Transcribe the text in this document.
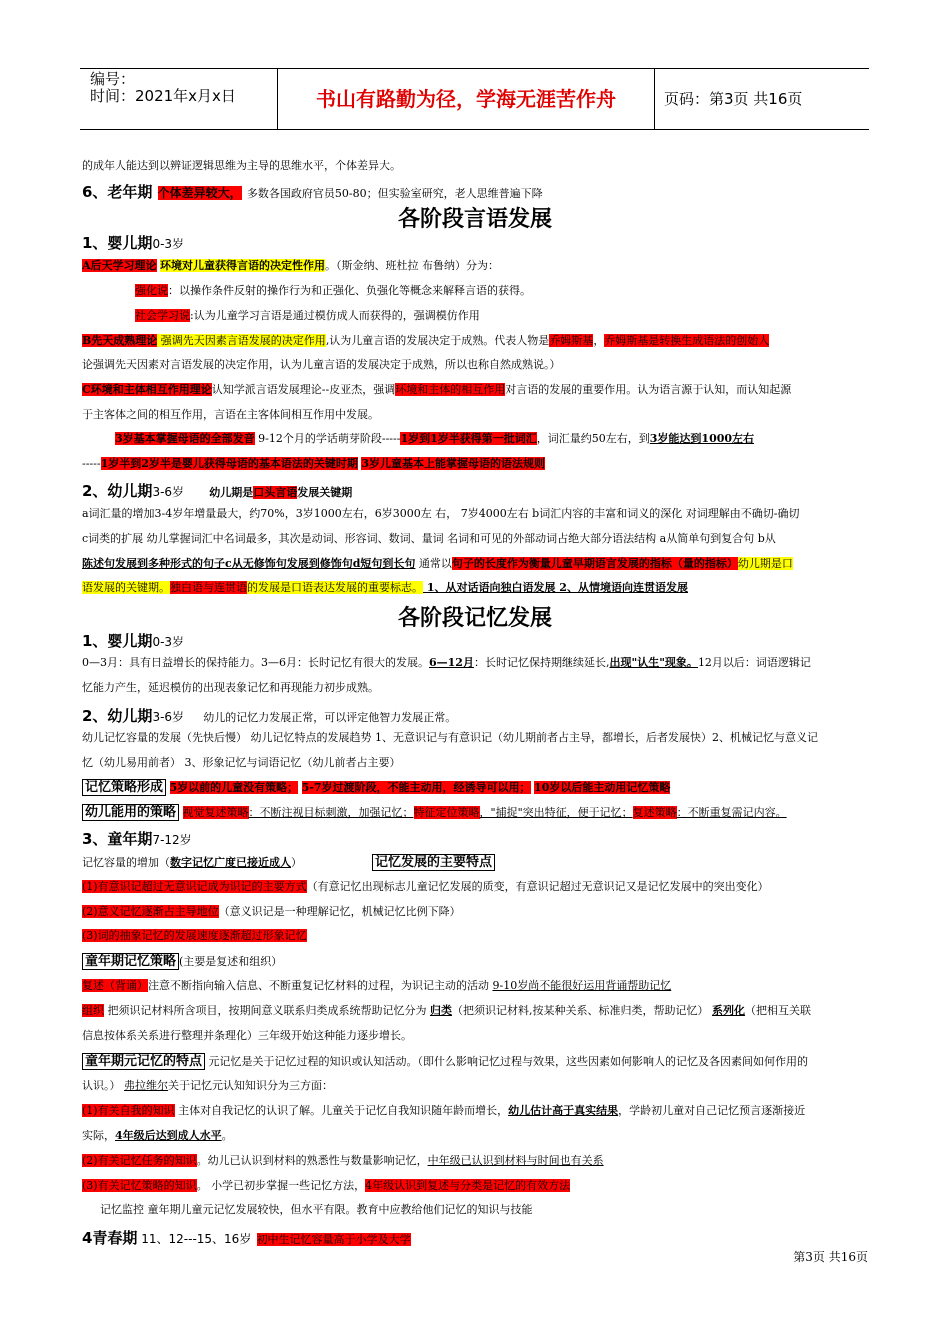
编号：
时间：2021年x月x日	书山有路勤为径，学海无涯苦作舟	页码：第3页 共16页
的成年人能达到以辨证逻辑思维为主导的思维水平，个体差异大。
6、老年期 个体差异较大， 多数各国政府官员50-80；但实验室研究，老人思维普遍下降
各阶段言语发展
1、婴儿期0-3岁
A后天学习理论 环境对儿童获得言语的决定性作用。（斯金纳、班杜拉 布鲁纳）分为：
强化说：以操作条件反射的操作行为和正强化、负强化等概念来解释言语的获得。
社会学习说:认为儿童学习言语是通过模仿成人而获得的，强调模仿作用
B先天成熟理论 强调先天因素言语发展的决定作用,认为儿童言语的发展决定于成熟。代表人物是乔姆斯基，乔姆斯基是转换生成语法的创始人
论强调先天因素对言语发展的决定作用，认为儿童言语的发展决定于成熟，所以也称自然成熟说。）
C环境和主体相互作用理论认知学派言语发展理论--皮亚杰，强调环境和主体的相互作用对言语的发展的重要作用。认为语言源于认知，而认知起源
于主客体之间的相互作用，言语在主客体间相互作用中发展。
3岁基本掌握母语的全部发音 9-12个月的学话萌芽阶段-----1岁到1岁半获得第一批词汇，词汇量约50左右，到3岁能达到1000左右
-----1岁半到2岁半是婴儿获得母语的基本语法的关键时期 3岁儿童基本上能掌握母语的语法规则
2、幼儿期3-6岁 幼儿期是口头言语发展关键期
a词汇量的增加3-4岁年增量最大，约70%，3岁1000左右，6岁3000左 右， 7岁4000左右 b词汇内容的丰富和词义的深化 对词理解由不确切-确切
c词类的扩展 幼儿掌握词汇中名词最多，其次是动词、形容词、数词、量词 名词和可见的外部动词占绝大部分语法结构 a从简单句到复合句 b从
陈述句发展到多种形式的句子c从无修饰句发展到修饰句d短句到长句 通常以句子的长度作为衡量儿童早期语言发展的指标（量的指标）幼儿期是口
语发展的关键期。独白语与连贯语的发展是口语表达发展的重要标志。 1、从对话语向独白语发展 2、从情境语向连贯语发展
各阶段记忆发展
1、婴儿期0-3岁
0—3月：具有日益增长的保持能力。3—6月：长时记忆有很大的发展。6—12月：长时记忆保持期继续延长,出现"认生"现象。12月以后：词语逻辑记
忆能力产生，延迟模仿的出现表象记忆和再现能力初步成熟。
2、幼儿期3-6岁 幼儿的记忆力发展正常，可以评定他智力发展正常。
幼儿记忆容量的发展（先快后慢） 幼儿记忆特点的发展趋势 1、无意识记与有意识记（幼儿期前者占主导，都增长，后者发展快）2、机械记忆与意义记
忆（幼儿易用前者） 3、形象记忆与词语记忆（幼儿前者占主要）
记忆策略形成 5岁以前的儿童没有策略； 5-7岁过渡阶段，不能主动用，经诱导可以用； 10岁以后能主动用记忆策略
幼儿能用的策略 视觉复述策略：不断注视目标刺激，加强记忆；特征定位策略，"捕捉"突出特征，便于记忆；复述策略：不断重复需记内容。
3、童年期7-12岁
记忆容量的增加（数字记忆广度已接近成人）	记忆发展的主要特点
(1)有意识记超过无意识记成为识记的主要方式（有意记忆出现标志儿童记忆发展的质变，有意识记超过无意识记又是记忆发展中的突出变化）
(2)意义记忆逐渐占主导地位（意义识记是一种理解记忆，机械记忆比例下降）
(3)词的抽象记忆的发展速度逐渐超过形象记忆
童年期记忆策略 (主要是复述和组织）
复述（背诵）注意不断指向输入信息、不断重复记忆材料的过程，为识记主动的活动 9-10岁尚不能很好运用背诵帮助记忆
组织 把须识记材料所含项目，按期间意义联系归类成系统帮助记忆分为 归类（把须识记材料,按某种关系、标准归类，帮助记忆） 系列化（把相互关联
信息按体系关系进行整理并条理化）三年级开始这种能力逐步增长。
童年期元记忆的特点 元记忆是关于记忆过程的知识或认知活动。（即什么影响记忆过程与效果，这些因素如何影响人的记忆及各因素间如何作用的
认识。） 弗拉维尔关于记忆元认知知识分为三方面：
(1)有关自我的知识 主体对自我记忆的认识了解。儿童关于记忆自我知识随年龄而增长，幼儿估计高于真实结果，学龄初儿童对自己记忆预言逐渐接近
实际，4年级后达到成人水平。
(2)有关记忆任务的知识。幼儿已认识到材料的熟悉性与数量影响记忆，中年级已认识到材料与时间也有关系
(3)有关记忆策略的知识。 小学已初步掌握一些记忆方法，4年级认识到复述与分类是记忆的有效方法
记忆监控 童年期儿童元记忆发展较快，但水平有限。教育中应教给他们记忆的知识与技能
4青春期 11、12---15、16岁 初中生记忆容量高于小学及大学
第3页 共16页
